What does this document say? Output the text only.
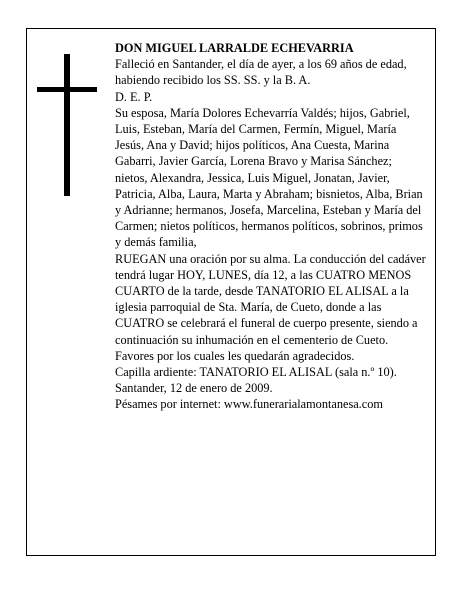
DON MIGUEL LARRALDE ECHEVARRIA

Falleció en Santander, el día de ayer, a los 69 años de edad, habiendo recibido los SS. SS. y la B. A.

D. E. P.

Su esposa, María Dolores Echevarría Valdés; hijos, Gabriel, Luis, Esteban, María del Carmen, Fermín, Miguel, María Jesús, Ana y David; hijos políticos, Ana Cuesta, Marina Gabarri, Javier García, Lorena Bravo y Marisa Sánchez; nietos, Alexandra, Jessica, Luis Miguel, Jonatan, Javier, Patricia, Alba, Laura, Marta y Abraham; bisnietos, Alba, Brian y Adrianne; hermanos, Josefa, Marcelina, Esteban y María del Carmen; nietos políticos, hermanos políticos, sobrinos, primos y demás familia,

RUEGAN una oración por su alma. La conducción del cadáver tendrá lugar HOY, LUNES, día 12, a las CUATRO MENOS CUARTO de la tarde, desde TANATORIO EL ALISAL a la iglesia parroquial de Sta. María, de Cueto, donde a las CUATRO se celebrará el funeral de cuerpo presente, siendo a continuación su inhumación en el cementerio de Cueto. Favores por los cuales les quedarán agradecidos.

Capilla ardiente: TANATORIO EL ALISAL (sala n.º 10).

Santander, 12 de enero de 2009.

Pésames por internet: www.funerarialamontanesa.com
